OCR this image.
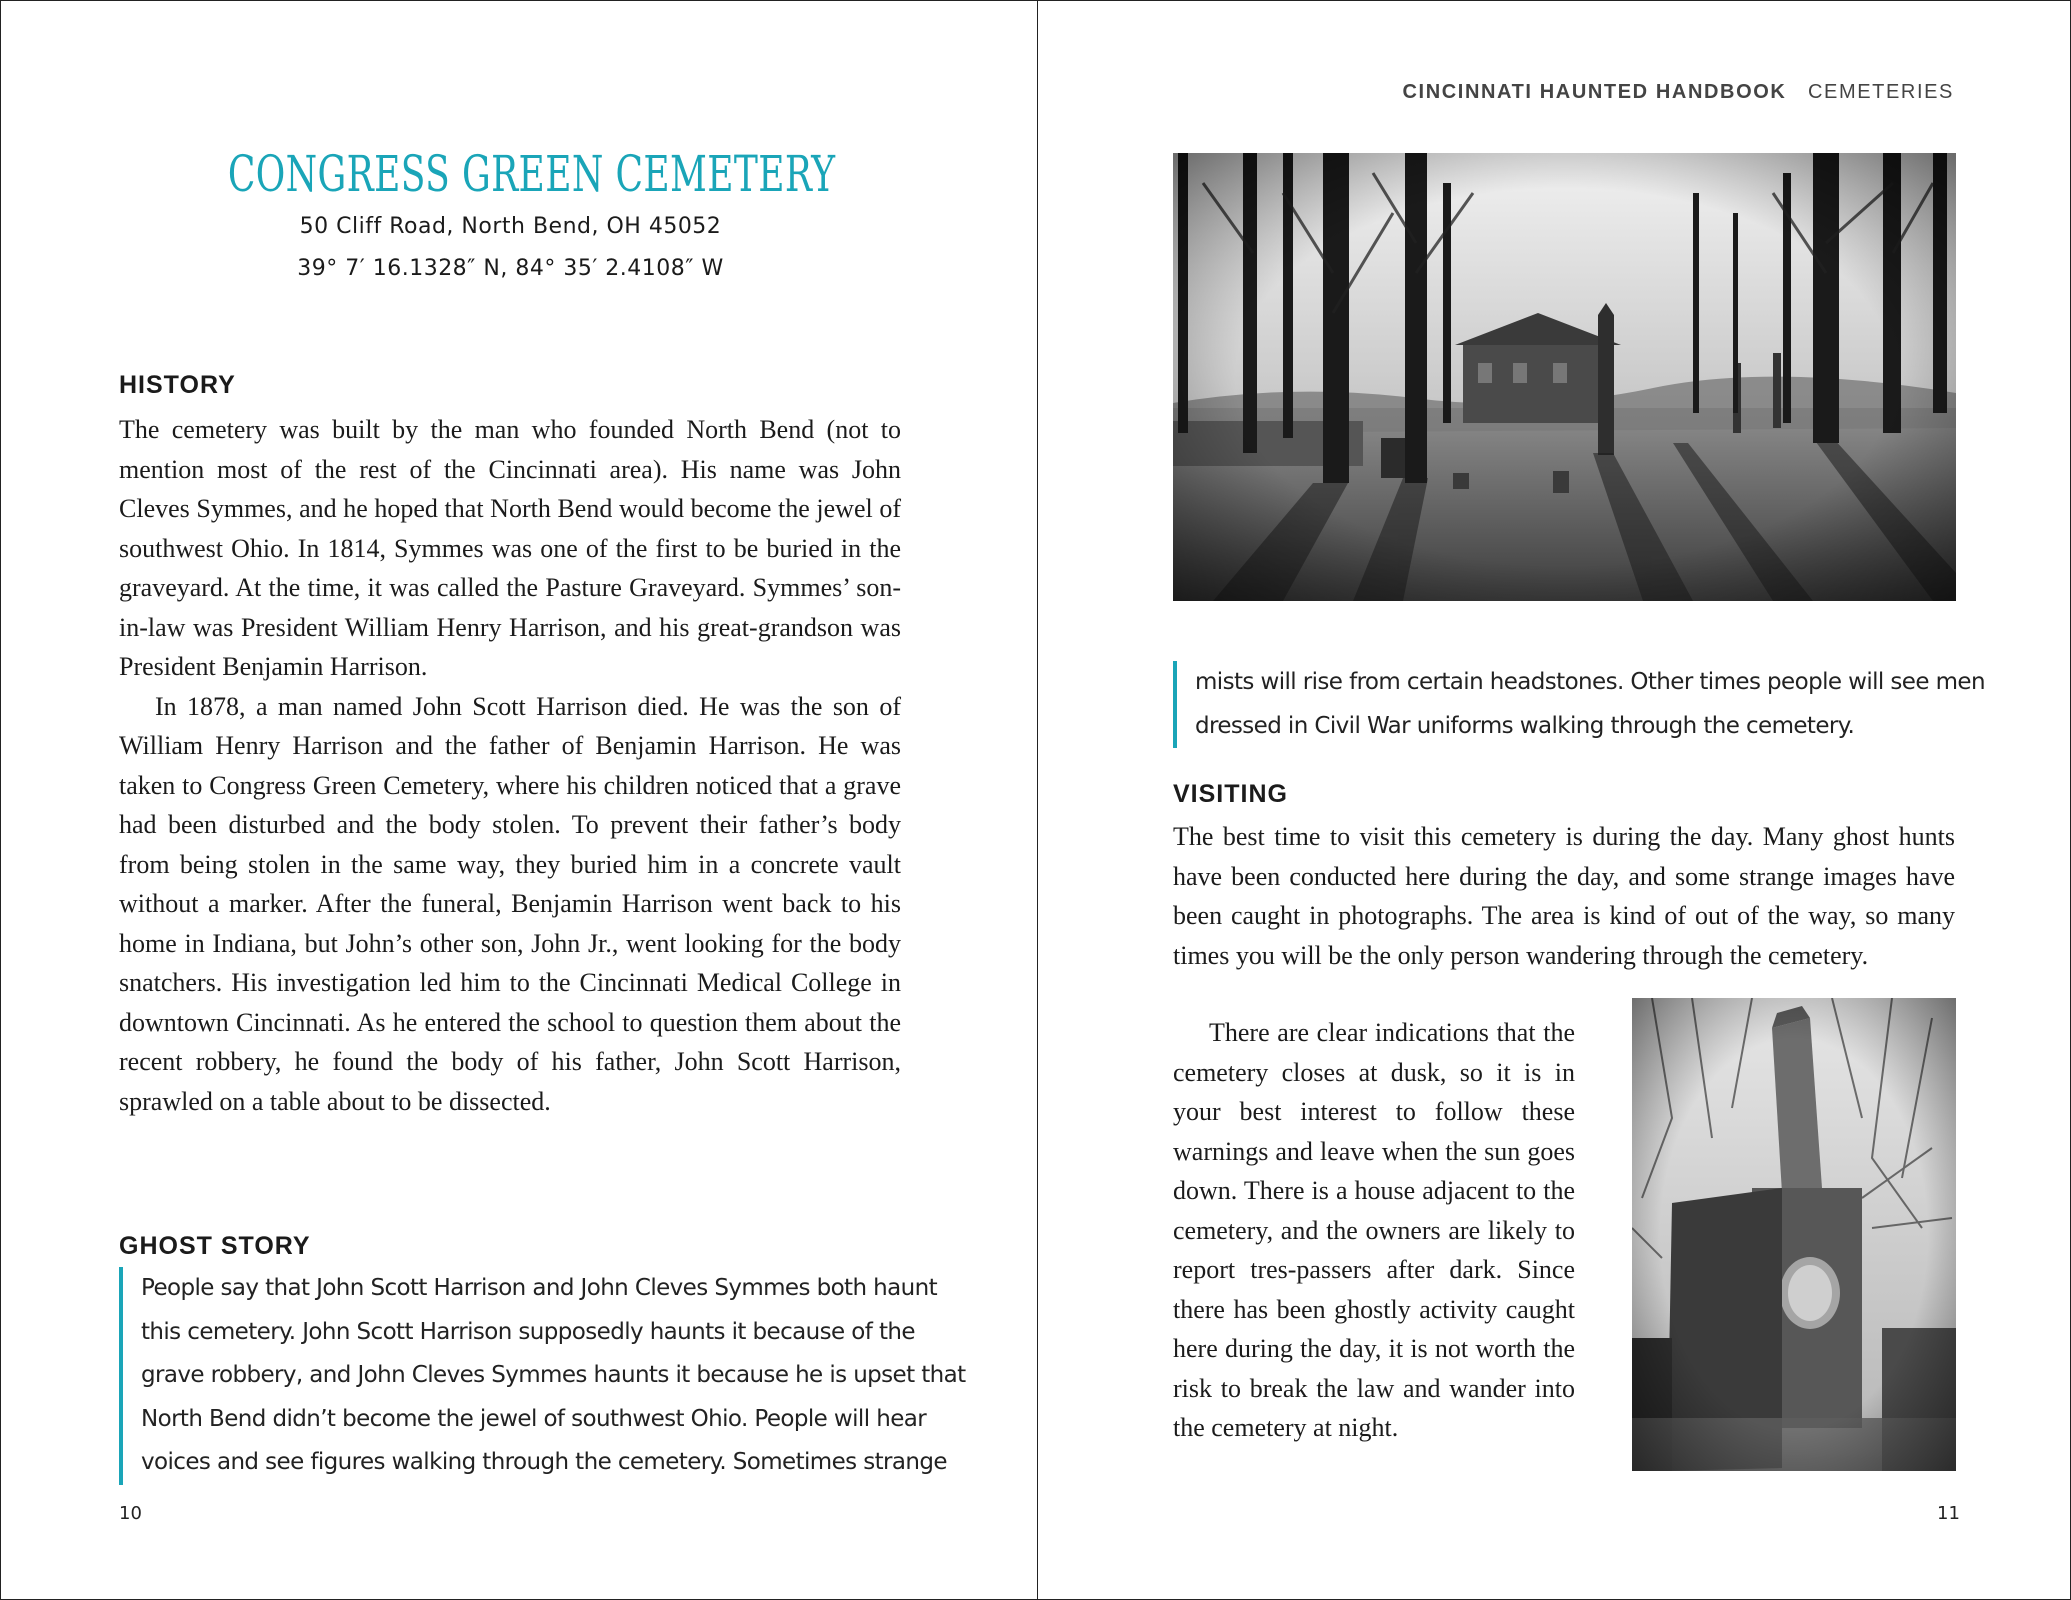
CONGRESS GREEN CEMETERY
50 Cliff Road, North Bend, OH 45052
39° 7′ 16.1328″ N, 84° 35′ 2.4108″ W
HISTORY

The cemetery was built by the man who founded North Bend (not to mention most of the rest of the Cincinnati area). His name was John Cleves Symmes, and he hoped that North Bend would become the jewel of southwest Ohio. In 1814, Symmes was one of the first to be buried in the graveyard. At the time, it was called the Pasture Graveyard. Symmes’ son-in-law was President William Henry Harrison, and his great-grandson was President Benjamin Harrison.

In 1878, a man named John Scott Harrison died. He was the son of William Henry Harrison and the father of Benjamin Harrison. He was taken to Congress Green Cemetery, where his children noticed that a grave had been disturbed and the body stolen. To prevent their father’s body from being stolen in the same way, they buried him in a concrete vault without a marker. After the funeral, Benjamin Harrison went back to his home in Indiana, but John’s other son, John Jr., went looking for the body snatchers. His investigation led him to the Cincinnati Medical College in downtown Cincinnati. As he entered the school to question them about the recent robbery, he found the body of his father, John Scott Harrison, sprawled on a table about to be dissected.

GHOST STORY
People say that John Scott Harrison and John Cleves Symmes both haunt
this cemetery. John Scott Harrison supposedly haunts it because of the
grave robbery, and John Cleves Symmes haunts it because he is upset that
North Bend didn’t become the jewel of southwest Ohio. People will hear
voices and see figures walking through the cemetery. Sometimes strange
10
CINCINNATI HAUNTED HANDBOOK CEMETERIES
mists will rise from certain headstones. Other times people will see men
dressed in Civil War uniforms walking through the cemetery.
VISITING
The best time to visit this cemetery is during the day. Many ghost hunts have been conducted here during the day, and some strange images have been caught in photographs. The area is kind of out of the way, so many times you will be the only person wandering through the cemetery.

There are clear indications that the cemetery closes at dusk, so it is in your best interest to follow these warnings and leave when the sun goes down. There is a house adjacent to the cemetery, and the owners are likely to report tres-passers after dark. Since there has been ghostly activity caught here during the day, it is not worth the risk to break the law and wander into the cemetery at night.

11
